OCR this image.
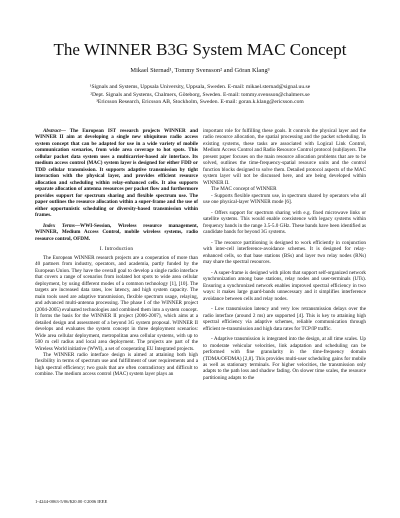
The WINNER B3G System MAC Concept
Mikael Sternad¹, Tommy Svensson² and Göran Klang³
¹Signals and Systems, Uppsala University, Uppsala, Sweden. E-mail: mikael.sternad@signal.uu.se
²Dept. Signals and Systems, Chalmers, Göteborg, Sweden. E-mail: tommy.svensson@chalmers.se
³Ericsson Research, Ericsson AB, Stockholm, Sweden. E-mail: goran.k.klang@ericsson.com

Abstract— The European IST research projects WINNER and WINNER II aim at developing a single new ubiquitous radio access system concept that can be adapted for use in a wide variety of mobile communication scenarios, from wide area coverage to hot spots. This cellular packet data system uses a multicarrier-based air interface. Its medium access control (MAC) system layer is designed for either FDD or TDD cellular transmission. It supports adaptive transmission by tight interaction with the physical layer, and provides efficient resource allocation and scheduling within relay-enhanced cells. It also supports separate allocation of antenna resources per packet flow and furthermore provides support for spectrum sharing and flexible spectrum use. The paper outlines the resource allocation within a super-frame and the use of either opportunistic scheduling or diversity-based transmission within frames.

Index Terms—WWI-Session, Wireless resource management, WINNER, Medium Access Control, mobile wireless systems, radio resource control, OFDM.

I. Introduction

The European WINNER research projects are a cooperation of more than 40 partners from industry, operators, and academia, partly funded by the European Union. They have the overall goal to develop a single radio interface that covers a range of scenarios from isolated hot spots to wide area cellular deployment, by using different modes of a common technology [1], [10]. The targets are increased data rates, low latency, and high system capacity. The main tools used are adaptive transmission, flexible spectrum usage, relaying, and advanced multi-antenna processing. The phase I of the WINNER project (2004-2005) evaluated technologies and combined them into a system concept. It forms the basis for the WINNER II project (2006-2007), which aims at a detailed design and assessment of a beyond 3G system proposal. WINNER II develops and evaluates the system concept in three deployment scenarios: Wide area cellular deployment, metropolitan area cellular systems, with up to 500 m cell radius and local area deployment. The projects are part of the Wireless World initiative (WWI), a set of cooperating EU Integrated projects.

The WINNER radio interface design is aimed at attaining both high flexibility in terms of spectrum use and fulfillment of user requirements and a high spectral efficiency; two goals that are often contradictory and difficult to combine. The medium access control (MAC) system layer plays an

important role for fulfilling these goals. It controls the physical layer and the radio resource allocation, the spatial processing and the packet scheduling. In existing systems, these tasks are associated with Logical Link Control, Medium Access Control and Radio Resource Control protocol (sub)layers. The present paper focuses on the main resource allocation problems that are to be solved, outlines the time-frequency-spatial resource units and the control function blocks designed to solve them. Detailed protocol aspects of the MAC system layer will not be discussed here, and are being developed within WINNER II.

The MAC concept of WINNER

- Supports flexible spectrum use, in spectrum shared by operators who all use one physical-layer WINNER mode [6].

- Offers support for spectrum sharing with e.g. fixed microwave links or satellite systems. This would enable coexistence with legacy systems within frequency bands in the range 3.5-5.0 GHz. These bands have been identified as candidate bands for beyond 3G systems.

- The resource partitioning is designed to work efficiently in conjunction with inter-cell interference-avoidance schemes. It is designed for relay-enhanced cells, so that base stations (BSs) and layer two relay nodes (RNs) may share the spectral resources.

- A super-frame is designed with pilots that support self-organized network synchronization among base stations, relay nodes and user-terminals (UTs). Ensuring a synchronized network enables improved spectral efficiency in two ways: it makes large guard-bands unnecessary and it simplifies interference avoidance between cells and relay nodes.

- Low transmission latency and very low retransmission delays over the radio interface (around 2 ms) are supported [4]. This is key to attaining high spectral efficiency via adaptive schemes, reliable communication through efficient re-transmission and high data rates for TCP/IP traffic.

- Adaptive transmission is integrated into the design, at all time scales. Up to moderate vehicular velocities, link adaptation and scheduling can be performed with fine granularity in the time-frequency domain (TDMA/OFDMA) [2,8]. This provides multi-user scheduling gains for mobile as well as stationary terminals. For higher velocities, the transmission only adapts to the path loss and shadow fading. On slower time scales, the resource partitioning adapts to the

1-4244-0063-5/06/$20.00 ©2006 IEEE
